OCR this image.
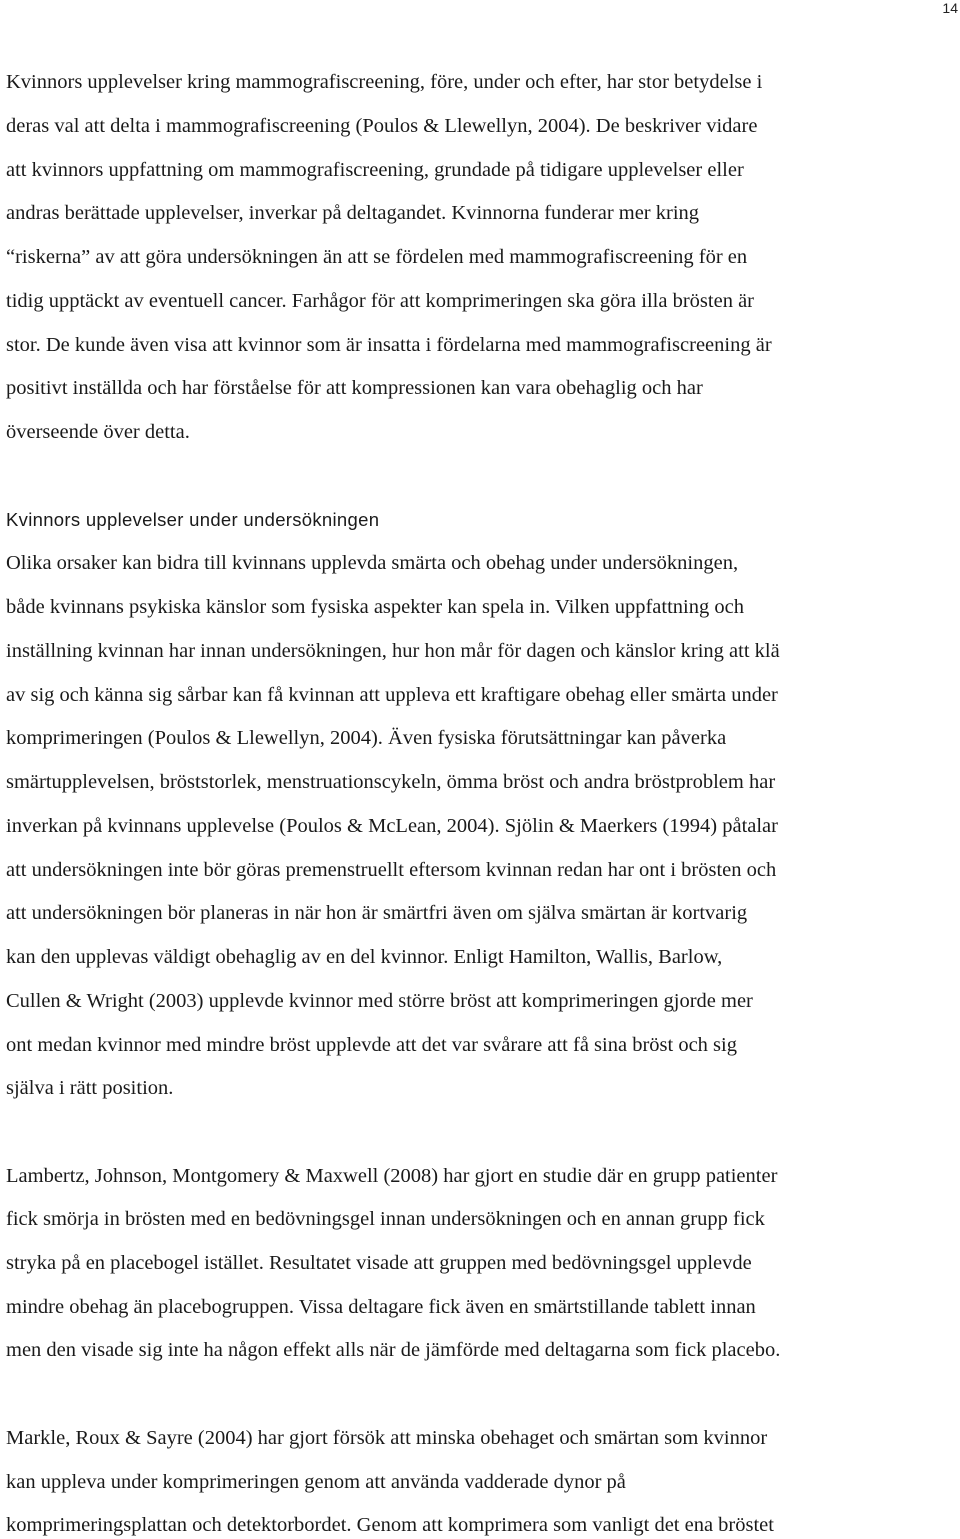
14
Kvinnors upplevelser kring mammografiscreening, före, under och efter, har stor betydelse i
deras val att delta i mammografiscreening (Poulos & Llewellyn, 2004). De beskriver vidare
att kvinnors uppfattning om mammografiscreening, grundade på tidigare upplevelser eller
andras berättade upplevelser, inverkar på deltagandet. Kvinnorna funderar mer kring
“riskerna” av att göra undersökningen än att se fördelen med mammografiscreening för en
tidig upptäckt av eventuell cancer. Farhågor för att komprimeringen ska göra illa brösten är
stor. De kunde även visa att kvinnor som är insatta i fördelarna med mammografiscreening är
positivt inställda och har förståelse för att kompressionen kan vara obehaglig och har
överseende över detta.
Kvinnors upplevelser under undersökningen
Olika orsaker kan bidra till kvinnans upplevda smärta och obehag under undersökningen,
både kvinnans psykiska känslor som fysiska aspekter kan spela in. Vilken uppfattning och
inställning kvinnan har innan undersökningen, hur hon mår för dagen och känslor kring att klä
av sig och känna sig sårbar kan få kvinnan att uppleva ett kraftigare obehag eller smärta under
komprimeringen (Poulos & Llewellyn, 2004). Även fysiska förutsättningar kan påverka
smärtupplevelsen, bröststorlek, menstruationscykeln, ömma bröst och andra bröstproblem har
inverkan på kvinnans upplevelse (Poulos & McLean, 2004). Sjölin & Maerkers (1994) påtalar
att undersökningen inte bör göras premenstruellt eftersom kvinnan redan har ont i brösten och
att undersökningen bör planeras in när hon är smärtfri även om själva smärtan är kortvarig
kan den upplevas väldigt obehaglig av en del kvinnor. Enligt Hamilton, Wallis, Barlow,
Cullen & Wright (2003) upplevde kvinnor med större bröst att komprimeringen gjorde mer
ont medan kvinnor med mindre bröst upplevde att det var svårare att få sina bröst och sig
själva i rätt position.
Lambertz, Johnson, Montgomery & Maxwell (2008) har gjort en studie där en grupp patienter
fick smörja in brösten med en bedövningsgel innan undersökningen och en annan grupp fick
stryka på en placebogel istället. Resultatet visade att gruppen med bedövningsgel upplevde
mindre obehag än placebogruppen. Vissa deltagare fick även en smärtstillande tablett innan
men den visade sig inte ha någon effekt alls när de jämförde med deltagarna som fick placebo.
Markle, Roux & Sayre (2004) har gjort försök att minska obehaget och smärtan som kvinnor
kan uppleva under komprimeringen genom att använda vadderade dynor på
komprimeringsplattan och detektorbordet. Genom att komprimera som vanligt det ena bröstet
